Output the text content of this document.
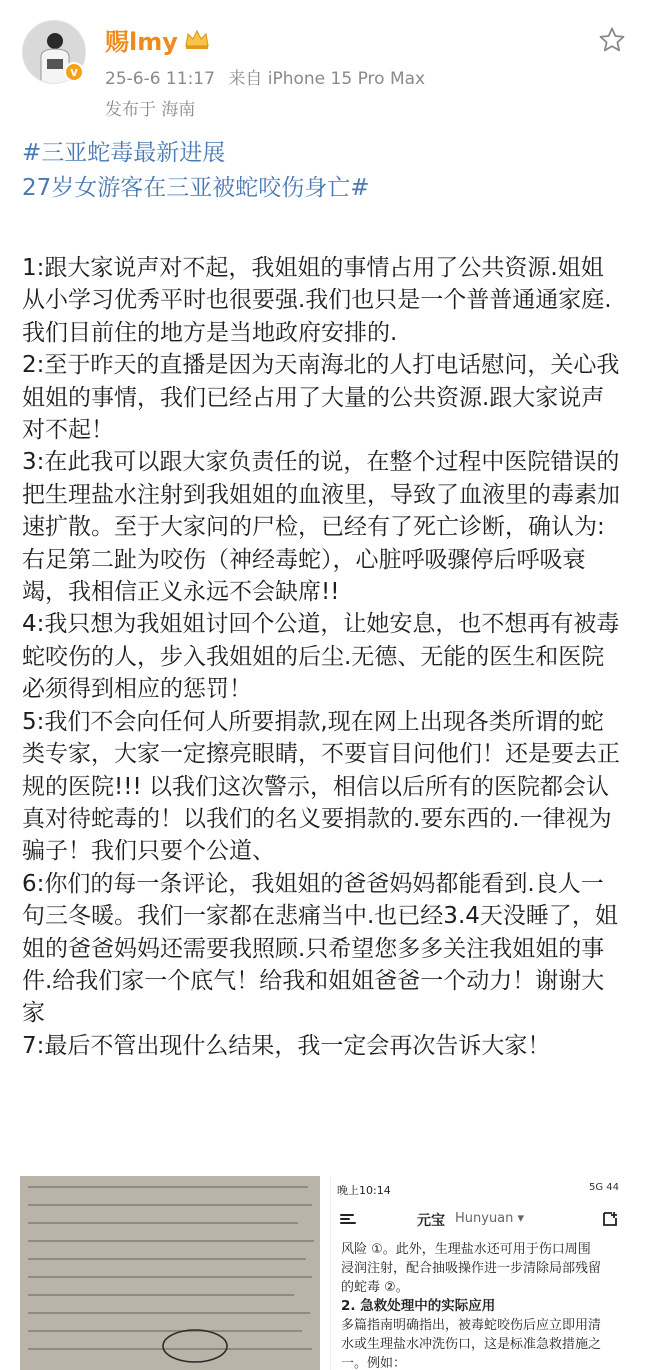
v
赐lmy
25-6-6 11:17 来自 iPhone 15 Pro Max
发布于 海南
#三亚蛇毒最新进展
27岁女游客在三亚被蛇咬伤身亡#
1:跟大家说声对不起，我姐姐的事情占用了公共资源.姐姐从小学习优秀平时也很要强.我们也只是一个普普通通家庭.我们目前住的地方是当地政府安排的.
2:至于昨天的直播是因为天南海北的人打电话慰问，关心我姐姐的事情，我们已经占用了大量的公共资源.跟大家说声对不起！
3:在此我可以跟大家负责任的说，在整个过程中医院错误的把生理盐水注射到我姐姐的血液里，导致了血液里的毒素加速扩散。至于大家问的尸检，已经有了死亡诊断，确认为:右足第二趾为咬伤（神经毒蛇），心脏呼吸骤停后呼吸衰竭，我相信正义永远不会缺席!!
4:我只想为我姐姐讨回个公道，让她安息，也不想再有被毒蛇咬伤的人，步入我姐姐的后尘.无德、无能的医生和医院必须得到相应的惩罚！
5:我们不会向任何人所要捐款,现在网上出现各类所谓的蛇类专家，大家一定擦亮眼睛，不要盲目问他们！还是要去正规的医院!!! 以我们这次警示，相信以后所有的医院都会认真对待蛇毒的！以我们的名义要捐款的.要东西的.一律视为骗子！我们只要个公道、
6:你们的每一条评论，我姐姐的爸爸妈妈都能看到.良人一句三冬暖。我们一家都在悲痛当中.也已经3.4天没睡了，姐姐的爸爸妈妈还需要我照顾.只希望您多多关注我姐姐的事件.给我们家一个底气！给我和姐姐爸爸一个动力！谢谢大家
7:最后不管出现什么结果，我一定会再次告诉大家！
晚上10:14	5G 44
元宝 Hunyuan ▾
风险 ①。此外，生理盐水还可用于伤口周围
浸润注射，配合抽吸操作进一步清除局部残留
的蛇毒 ②。
2. 急救处理中的实际应用
多篇指南明确指出，被毒蛇咬伤后应立即用清
水或生理盐水冲洗伤口，这是标准急救措施之
一。例如：
